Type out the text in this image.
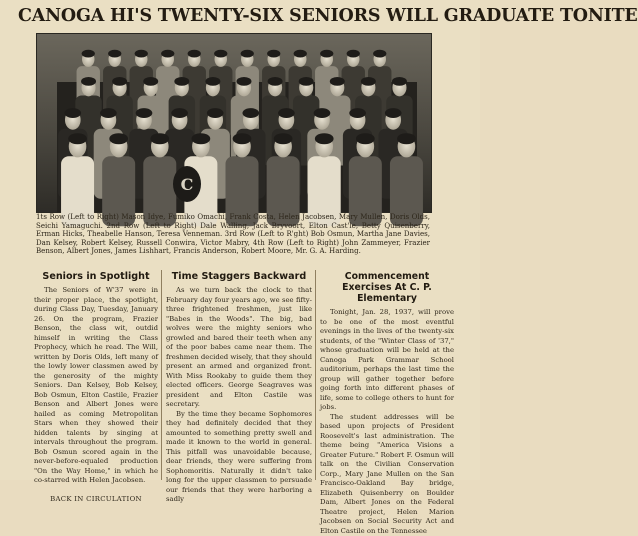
CANOGA HI'S TWENTY-SIX SENIORS WILL GRADUATE TONITE
C
1ts Row (Left to Right) Mason Idye, Fumiko Omachi, Frank Costa, Helen Jacobsen, Mary Mullen, Doris Olds, Seichi Yamaguchi. 2nd Row (Left to Right) Dale Walling, Jack Bryvoort, Elton Cast'le, Betty Quisenberry, Erman Hicks, Theabelle Hanson, Teresa Venneman. 3rd Row (Left to R'ght) Bob Osmun, Martha Jane Davies, Dan Kelsey, Robert Kelsey, Russell Conwira, Victor Mabry, 4th Row (Left to Right) John Zammeyer, Frazier Benson, Albert Jones, James Lishhart, Francis Anderson, Robert Moore, Mr. G. A. Harding.
Seniors in Spotlight

The Seniors of W'37 were in their proper place, the spotlight, during Class Day, Tuesday, January 26. On the program, Frazier Benson, the class wit, outdid himself in writing the Class Prophecy, which he read. The Will, written by Doris Olds, left many of the lowly lower classmen awed by the generosity of the mighty Seniors. Dan Kelsey, Bob Kelsey, Bob Osmun, Elton Castile, Frazier Benson and Albert Jones were hailed as coming Metropolitan Stars when they showed their hidden talents by singing at intervals throughout the program. Bob Osmun scored again in the never-before-equaled production "On the Way Home," in which he co-starred with Helen Jacobsen.

BACK IN CIRCULATION
Time Staggers Backward

As we turn back the clock to that February day four years ago, we see fifty-three frightened freshmen, just like "Babes in the Woods". The big, bad wolves were the mighty seniors who growled and bared their teeth when any of the poor babes came near them. The freshmen decided wisely, that they should present an armed and organized front. With Miss Rookaby to guide them they elected officers. George Seagraves was president and Elton Castile was secretary.

By the time they became Sophomores they had definitely decided that they amounted to something pretty swell and made it known to the world in general. This pitfall was unavoidable because, dear friends, they were suffering from Sophomoritis. Naturally it didn't take long for the upper classmen to persuade our friends that they were harboring a sadly

Commencement Exercises At C. P. Elementary

Tonight, Jan. 28, 1937, will prove to be one of the most eventful evenings in the lives of the twenty-six students, of the "Winter Class of '37," whose graduation will be held at the Canoga Park Grammar School auditorium, perhaps the last time the group will gather together before going forth into different phases of life, some to college others to hunt for jobs.

The student addresses will be based upon projects of President Roosevelt's last administration. The theme being "America Visions a Greater Future." Robert F. Osmun will talk on the Civilian Conservation Corp., Mary Jane Mullen on the San Francisco-Oakland Bay bridge, Elizabeth Quisenberry on Boulder Dam, Albert Jones on the Federal Theatre project, Helen Marion Jacobsen on Social Security Act and Elton Castile on the Tennessee
